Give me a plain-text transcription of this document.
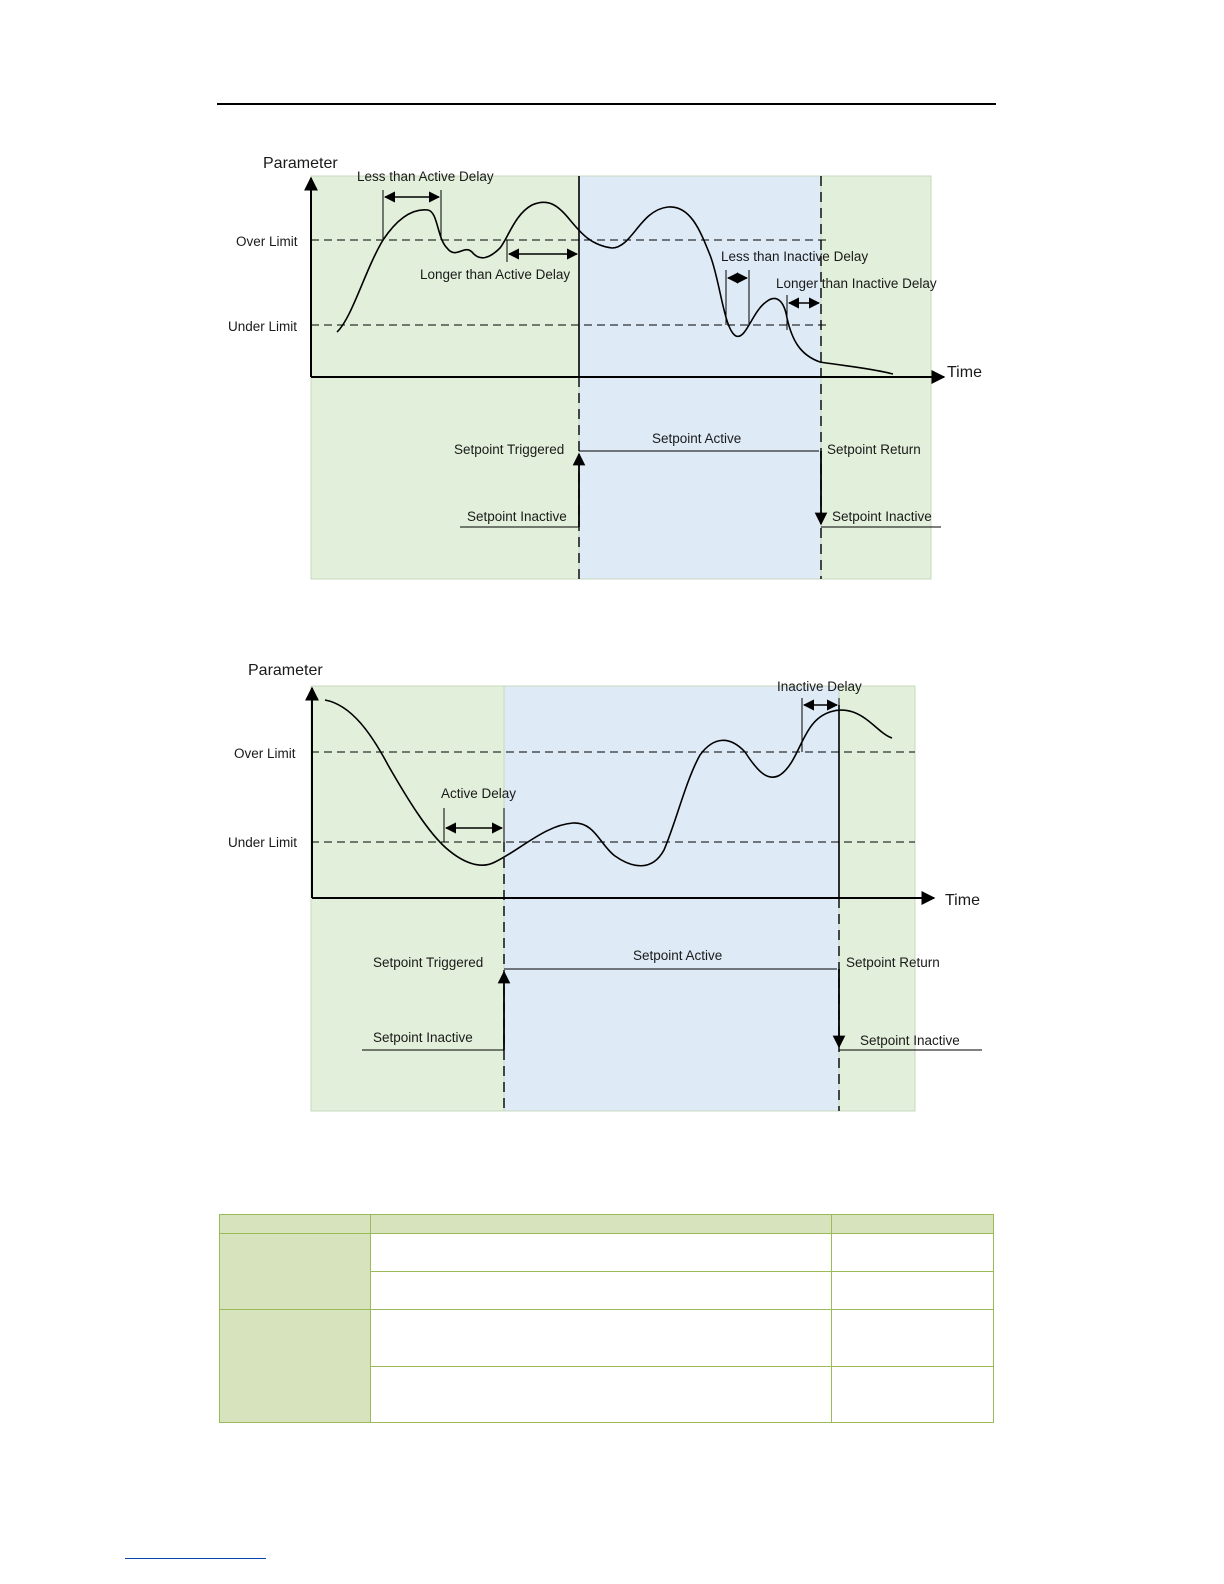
Parameter
Time
Over Limit
Under Limit
Less than Active Delay
Longer than Active Delay
Less than Inactive Delay
Longer than Inactive Delay
Setpoint Triggered
Setpoint Active
Setpoint Return
Setpoint Inactive	Setpoint Inactive
Parameter
Time
Over Limit
Under Limit
Active Delay
Inactive Delay
Setpoint Triggered	Setpoint Active	Setpoint Return
Setpoint Inactive	Setpoint Inactive
